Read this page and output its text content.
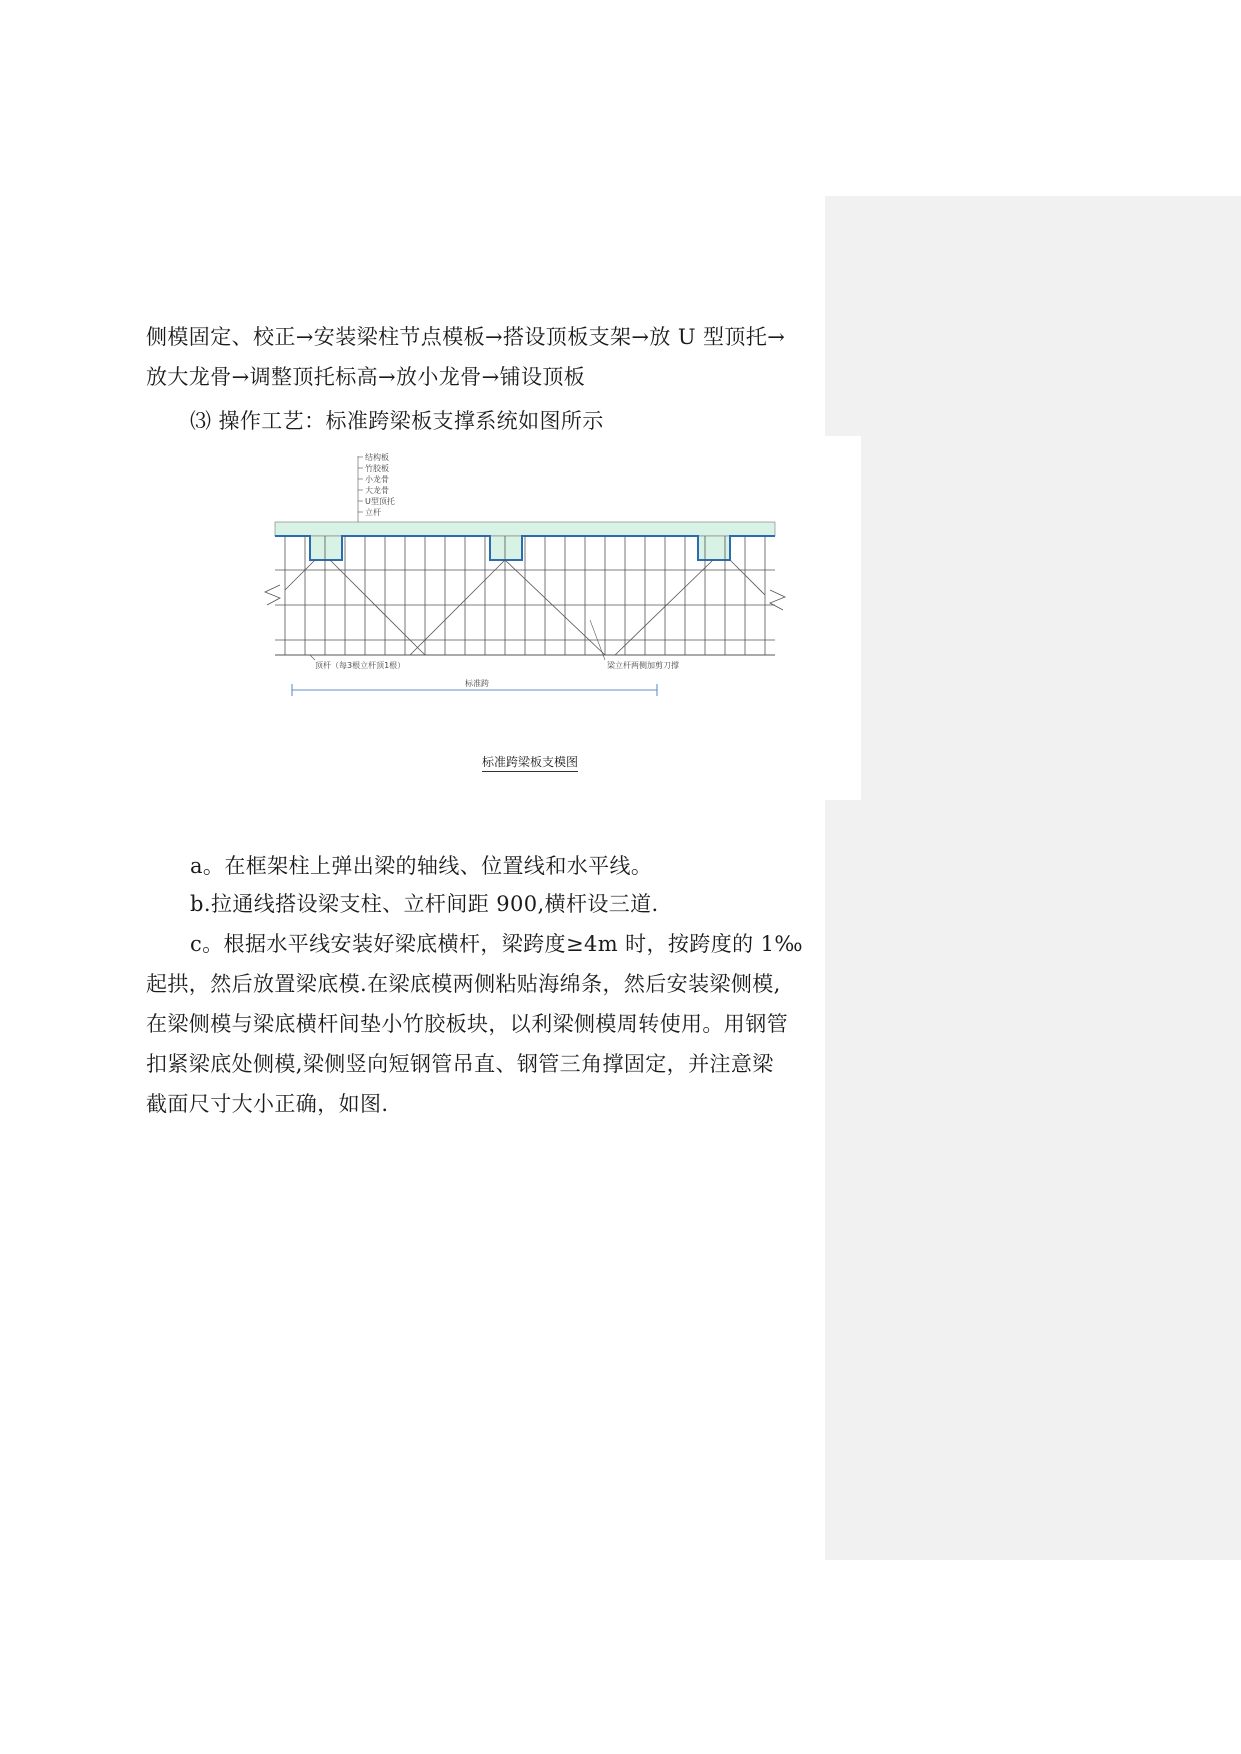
侧模固定、校正→安装梁柱节点模板→搭设顶板支架→放 U 型顶托→
放大龙骨→调整顶托标高→放小龙骨→铺设顶板
⑶ 操作工艺：标准跨梁板支撑系统如图所示
结构板
竹胶板
小龙骨
大龙骨
U型顶托
立杆
顶杆（每3根立杆顶1根）	梁立杆两侧加剪刀撑
标准跨
标准跨梁板支模图
a。在框架柱上弹出梁的轴线、位置线和水平线。
b.拉通线搭设梁支柱、立杆间距 900,横杆设三道.
c。根据水平线安装好梁底横杆，梁跨度≥4m 时，按跨度的 1‰
起拱，然后放置梁底模.在梁底模两侧粘贴海绵条，然后安装梁侧模,
在梁侧模与梁底横杆间垫小竹胶板块，以利梁侧模周转使用。用钢管
扣紧梁底处侧模,梁侧竖向短钢管吊直、钢管三角撑固定，并注意梁
截面尺寸大小正确，如图.
